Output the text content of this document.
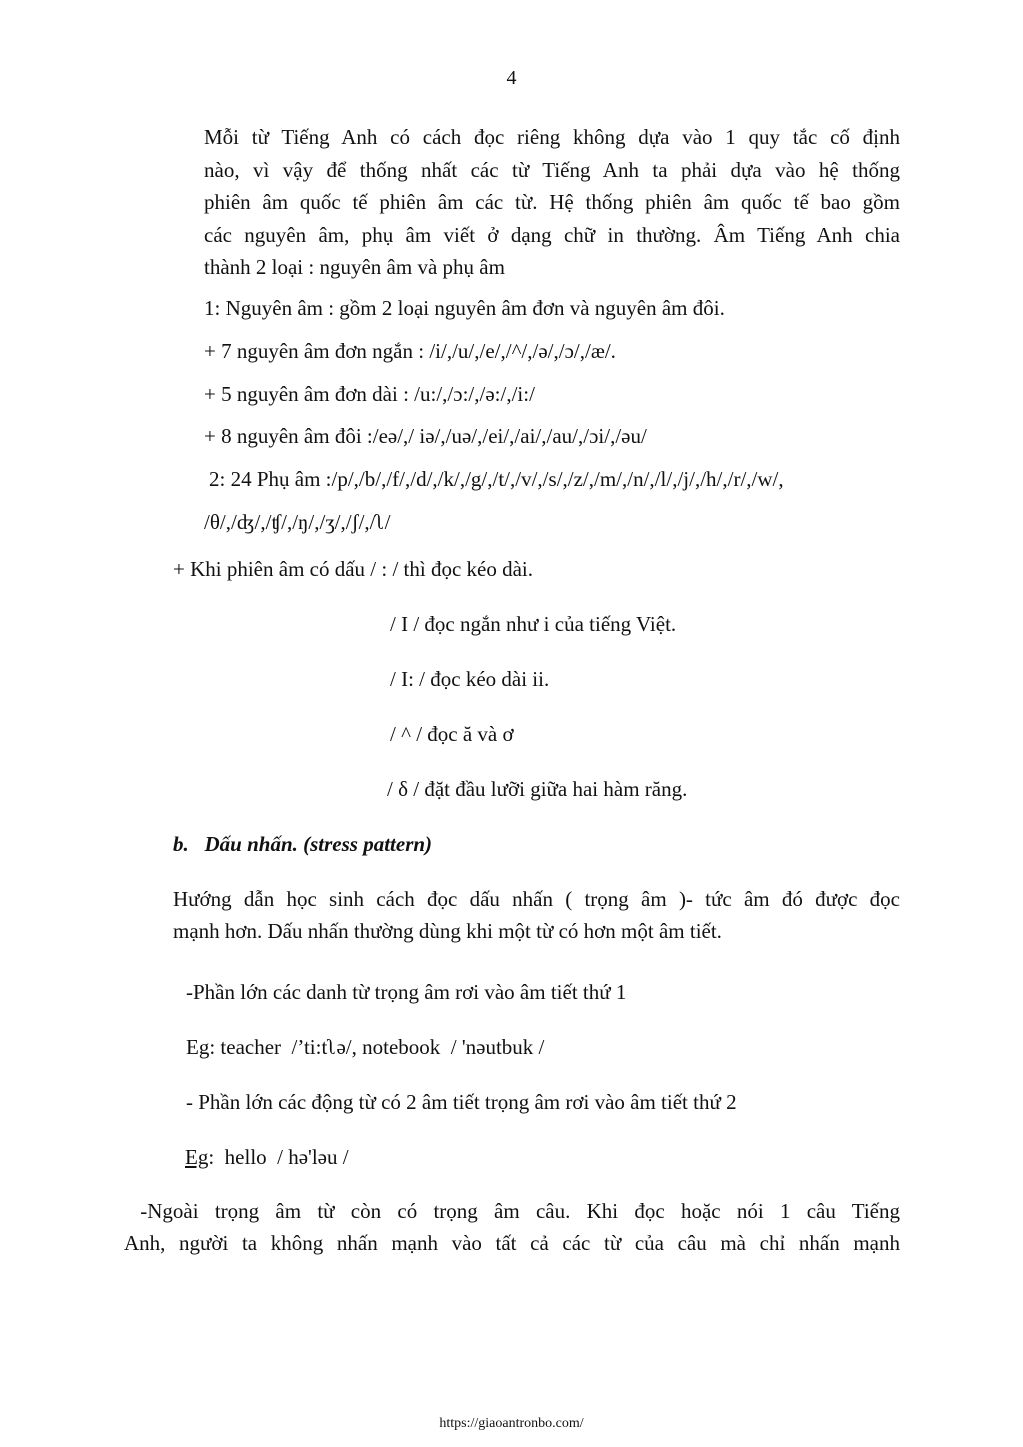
4
Mỗi từ Tiếng Anh có cách đọc riêng không dựa vào 1 quy tắc cố định
nào, vì vậy để thống nhất các từ Tiếng Anh ta phải dựa vào hệ thống
phiên âm quốc tế phiên âm các từ. Hệ thống phiên âm quốc tế bao gồm
các nguyên âm, phụ âm viết ở dạng chữ in thường. Âm Tiếng Anh chia
thành 2 loại : nguyên âm và phụ âm
1: Nguyên âm : gồm 2 loại nguyên âm đơn và nguyên âm đôi.
+ 7 nguyên âm đơn ngắn : /i/,/u/,/e/,/^/,/ə/,/ɔ/,/æ/.
+ 5 nguyên âm đơn dài : /u:/,/ɔ:/,/ə:/,/i:/
+ 8 nguyên âm đôi :/eə/,/ iə/,/uə/,/ei/,/ai/,/au/,/ɔi/,/əu/
2: 24 Phụ âm :/p/,/b/,/f/,/d/,/k/,/g/,/t/,/v/,/s/,/z/,/m/,/n/,/l/,/j/,/h/,/r/,/w/,
/θ/,/ʤ/,/ʧ/,/ŋ/,/ʒ/,/ʃ/,/ʅ/
+ Khi phiên âm có dấu / : / thì đọc kéo dài.
/ I / đọc ngắn như i của tiếng Việt.
/ I: / đọc kéo dài ii.
/ ^ / đọc ă và ơ
/ δ / đặt đầu lưỡi giữa hai hàm răng.
b.   Dấu nhấn. (stress pattern)
Hướng dẫn học sinh cách đọc dấu nhấn ( trọng âm )- tức âm đó được đọc
mạnh hơn. Dấu nhấn thường dùng khi một từ có hơn một âm tiết.
-Phần lớn các danh từ trọng âm rơi vào âm tiết thứ 1
Eg: teacher  /’ti:tʅə/, notebook  / 'nəutbuk /
- Phần lớn các động từ có 2 âm tiết trọng âm rơi vào âm tiết thứ 2
Eg:  hello  / hə'ləu /
-Ngoài trọng âm từ còn có trọng âm câu. Khi đọc hoặc nói 1 câu Tiếng
Anh, người ta không nhấn mạnh vào tất cả các từ của câu mà chỉ nhấn mạnh
https://giaoantronbo.com/
